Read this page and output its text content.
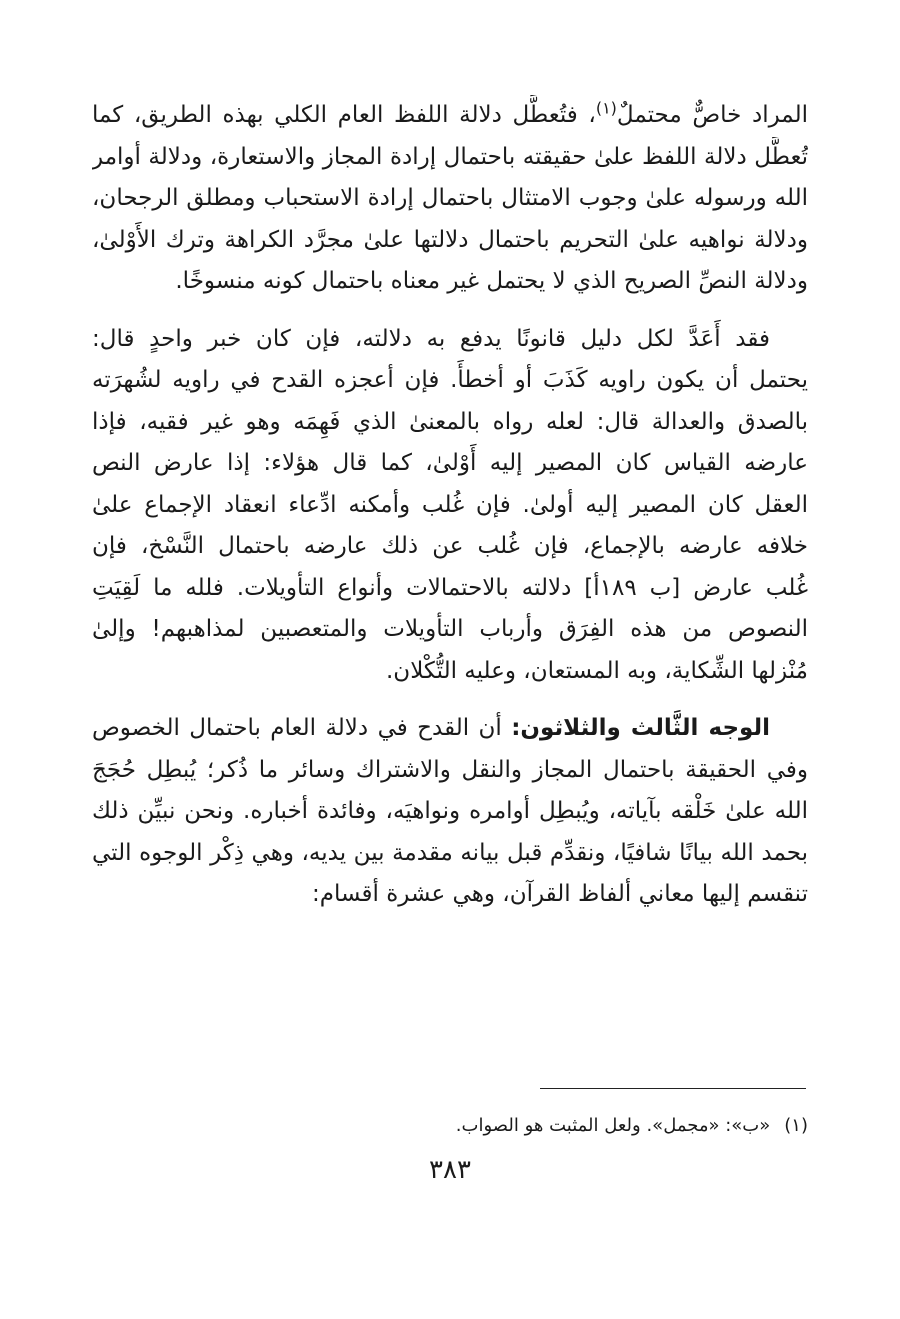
المراد خاصٌّ محتملٌ$^{(١)}$، فتُعطَّل دلالة اللفظ العام الكلي بهذه الطريق، كما
تُعطَّل دلالة اللفظ علىٰ حقيقته باحتمال إرادة المجاز والاستعارة، ودلالة أوامر
الله ورسوله علىٰ وجوب الامتثال باحتمال إرادة الاستحباب ومطلق الرجحان،
ودلالة نواهيه علىٰ التحريم باحتمال دلالتها علىٰ مجرَّد الكراهة وترك الأَوْلىٰ،
ودلالة النصِّ الصريح الذي لا يحتمل غير معناه باحتمال كونه منسوخًا.

فقد أَعَدَّ لكل دليل قانونًا يدفع به دلالته، فإن كان خبر واحدٍ قال:
يحتمل أن يكون راويه كَذَبَ أو أخطأَ. فإن أعجزه القدح في راويه لشُهرَته
بالصدق والعدالة قال: لعله رواه بالمعنىٰ الذي فَهِمَه وهو غير فقيه، فإذا
عارضه القياس كان المصير إليه أَوْلىٰ، كما قال هؤلاء: إذا عارض النص
العقل كان المصير إليه أولىٰ. فإن غُلب وأمكنه ادِّعاء انعقاد الإجماع علىٰ
خلافه عارضه بالإجماع، فإن غُلب عن ذلك عارضه باحتمال النَّسْخ، فإن
غُلب عارض [ب ١٨٩أ] دلالته بالاحتمالات وأنواع التأويلات. فلله ما لَقِيَتِ
النصوص من هذه الفِرَق وأرباب التأويلات والمتعصبين لمذاهبهم! وإلىٰ
مُنْزلها الشِّكاية، وبه المستعان، وعليه التُّكْلان.

الوجه الثَّالث والثلاثون: أن القدح في دلالة العام باحتمال الخصوص
وفي الحقيقة باحتمال المجاز والنقل والاشتراك وسائر ما ذُكر؛ يُبطِل حُجَجَ
الله علىٰ خَلْقه بآياته، ويُبطِل أوامره ونواهيَه، وفائدة أخباره. ونحن نبيِّن ذلك
بحمد الله بيانًا شافيًا، ونقدِّم قبل بيانه مقدمة بين يديه، وهي ذِكْر الوجوه التي
تنقسم إليها معاني ألفاظ القرآن، وهي عشرة أقسام:

(١)«ب»: «مجمل». ولعل المثبت هو الصواب.
٣٨٣
